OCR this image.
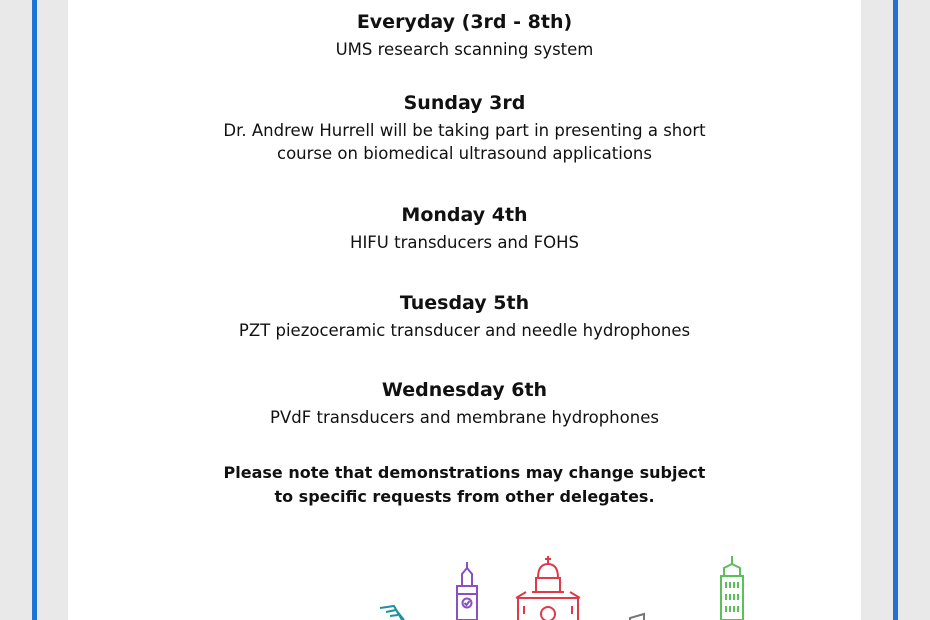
Everyday (3rd - 8th)
UMS research scanning system
Sunday 3rd
Dr. Andrew Hurrell will be taking part in presenting a short
course on biomedical ultrasound applications
Monday 4th
HIFU transducers and FOHS
Tuesday 5th
PZT piezoceramic transducer and needle hydrophones
Wednesday 6th
PVdF transducers and membrane hydrophones
Please note that demonstrations may change subject
to specific requests from other delegates.
